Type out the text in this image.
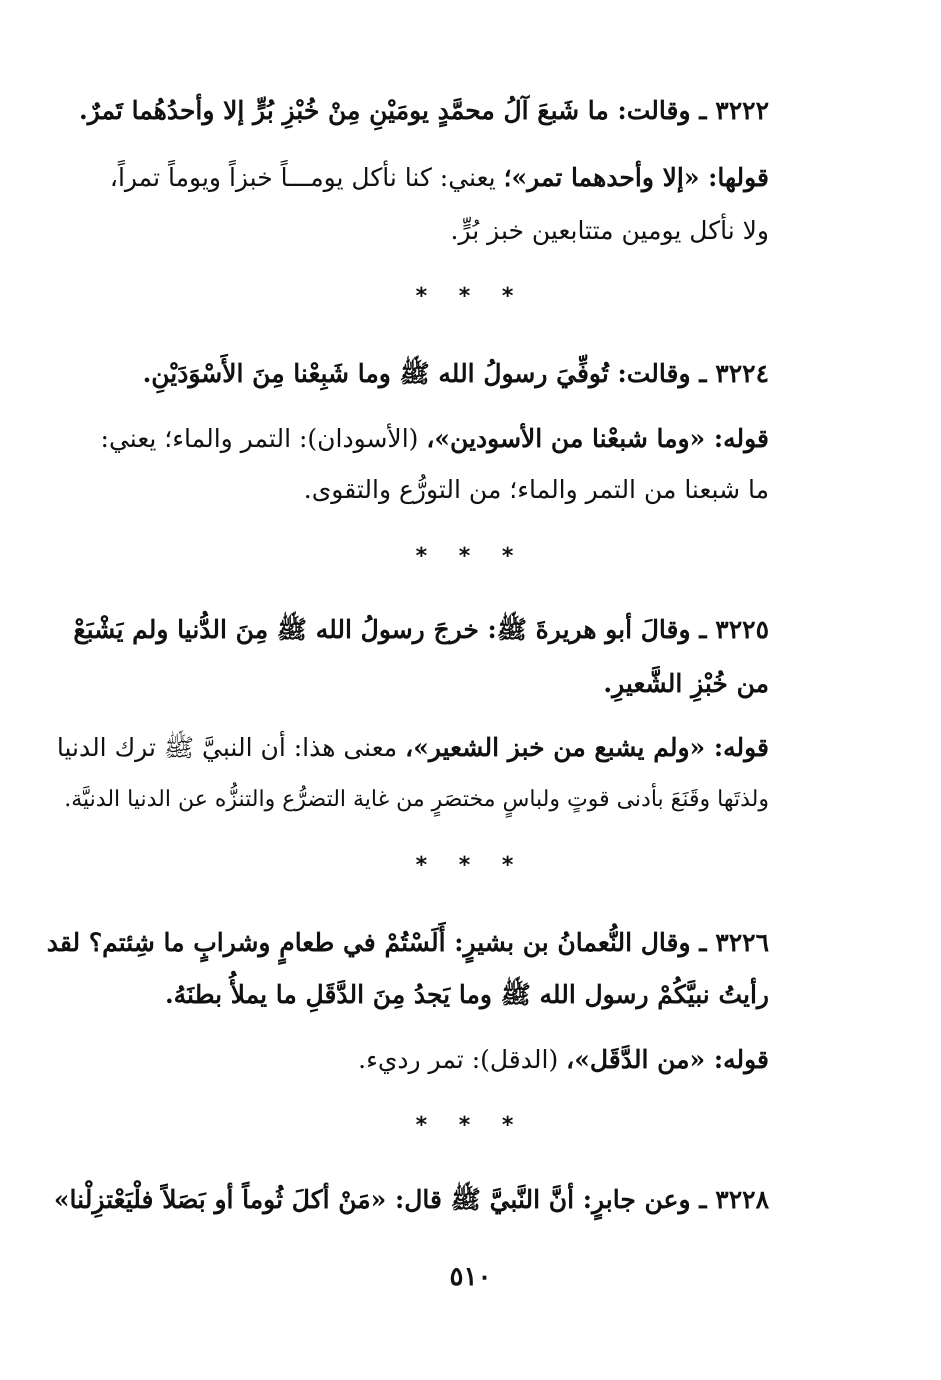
٣٢٢٢ ـ وقالت: ما شَبعَ آلُ محمَّدٍ يومَيْنِ مِنْ خُبْزِ بُرٍّ إلا وأحدُهُما تَمرٌ.
قولها: «إلا وأحدهما تمر»؛ يعني: كنا نأكل يومـــاً خبزاً ويوماً تمراً،
ولا نأكل يومين متتابعين خبز بُرٍّ.
* * *
٣٢٢٤ ـ وقالت: تُوفِّيَ رسولُ الله ﷺ وما شَبِعْنا مِنَ الأَسْوَدَيْنِ.
قوله: «وما شبعْنا من الأسودين»، (الأسودان): التمر والماء؛ يعني:
ما شبعنا من التمر والماء؛ من التورُّع والتقوى.
* * *
٣٢٢٥ ـ وقالَ أبو هريرةَ ﷺ: خرجَ رسولُ الله ﷺ مِنَ الدُّنيا ولم يَشْبَعْ
من خُبْزِ الشَّعيرِ.
قوله: «ولم يشبع من خبز الشعير»، معنى هذا: أن النبيَّ ﷺ ترك الدنيا
ولذتَها وقَنَعَ بأدنى قوتٍ ولباسٍ مختصَرٍ من غاية التضرُّع والتنزُّه عن الدنيا الدنيَّة.
* * *
٣٢٢٦ ـ وقال النُّعمانُ بن بشيرٍ: أَلَسْتُمْ في طعامٍ وشرابٍ ما شِئتم؟ لقد
رأيتُ نبيَّكُمْ رسول الله ﷺ وما يَجدُ مِنَ الدَّقَلِ ما يملأُ بطنَهُ.
قوله: «من الدَّقَل»، (الدقل): تمر رديء.
* * *
٣٢٢٨ ـ وعن جابرٍ: أنَّ النَّبيَّ ﷺ قال: «مَنْ أكلَ ثُوماً أو بَصَلاً فلْيَعْتزِلْنا»
٥١٠
